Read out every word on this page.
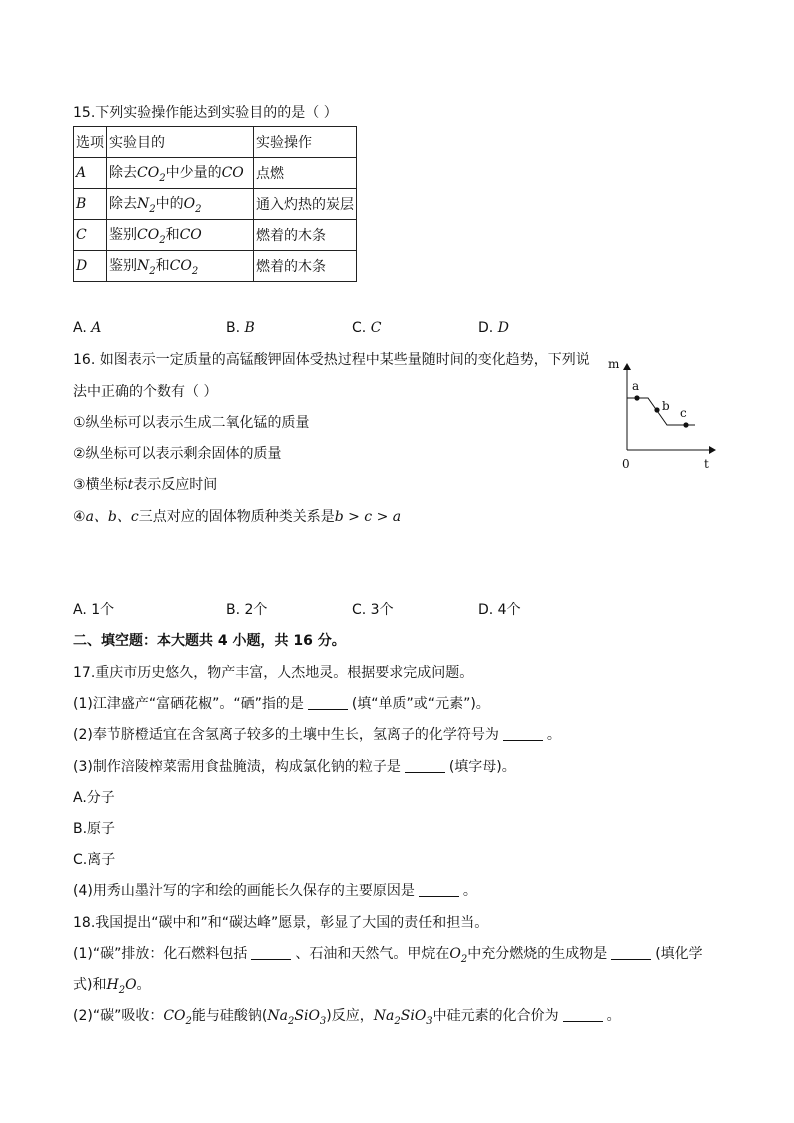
15.下列实验操作能达到实验目的的是（ ）
选项	实验目的	实验操作
A	除去$CO_2$中少量的CO	点燃
B	除去$N_2$中的$O_2$	通入灼热的炭层
C	鉴别$CO_2$和CO	燃着的木条
D	鉴别$N_2$和$CO_2$	燃着的木条
A. A	B. B	C. C	D. D
16. 如图表示一定质量的高锰酸钾固体受热过程中某些量随时间的变化趋势，下列说
法中正确的个数有（ ）
①纵坐标可以表示生成二氧化锰的质量
②纵坐标可以表示剩余固体的质量
③横坐标t表示反应时间
④a、b、c三点对应的固体物质种类关系是b > c > a
m
t
0
a
b c
A. 1个	B. 2个	C. 3个	D. 4个
二、填空题：本大题共 4 小题，共 16 分。
17.重庆市历史悠久，物产丰富，人杰地灵。根据要求完成问题。
(1)江津盛产“富硒花椒”。“硒”指的是	(填“单质”或“元素”)。
(2)奉节脐橙适宜在含氢离子较多的土壤中生长，氢离子的化学符号为	。
(3)制作涪陵榨菜需用食盐腌渍，构成氯化钠的粒子是	(填字母)。
A.分子
B.原子
C.离子
(4)用秀山墨汁写的字和绘的画能长久保存的主要原因是	。
18.我国提出“碳中和”和“碳达峰”愿景，彰显了大国的责任和担当。
(1)“碳”排放：化石燃料包括	、石油和天然气。甲烷在$O_2$中充分燃烧的生成物是	(填化学
式)和$H_2O$。
(2)“碳”吸收：$CO_2$能与硅酸钠$(Na_2SiO_3)$反应，$Na_2SiO_3$中硅元素的化合价为	。
